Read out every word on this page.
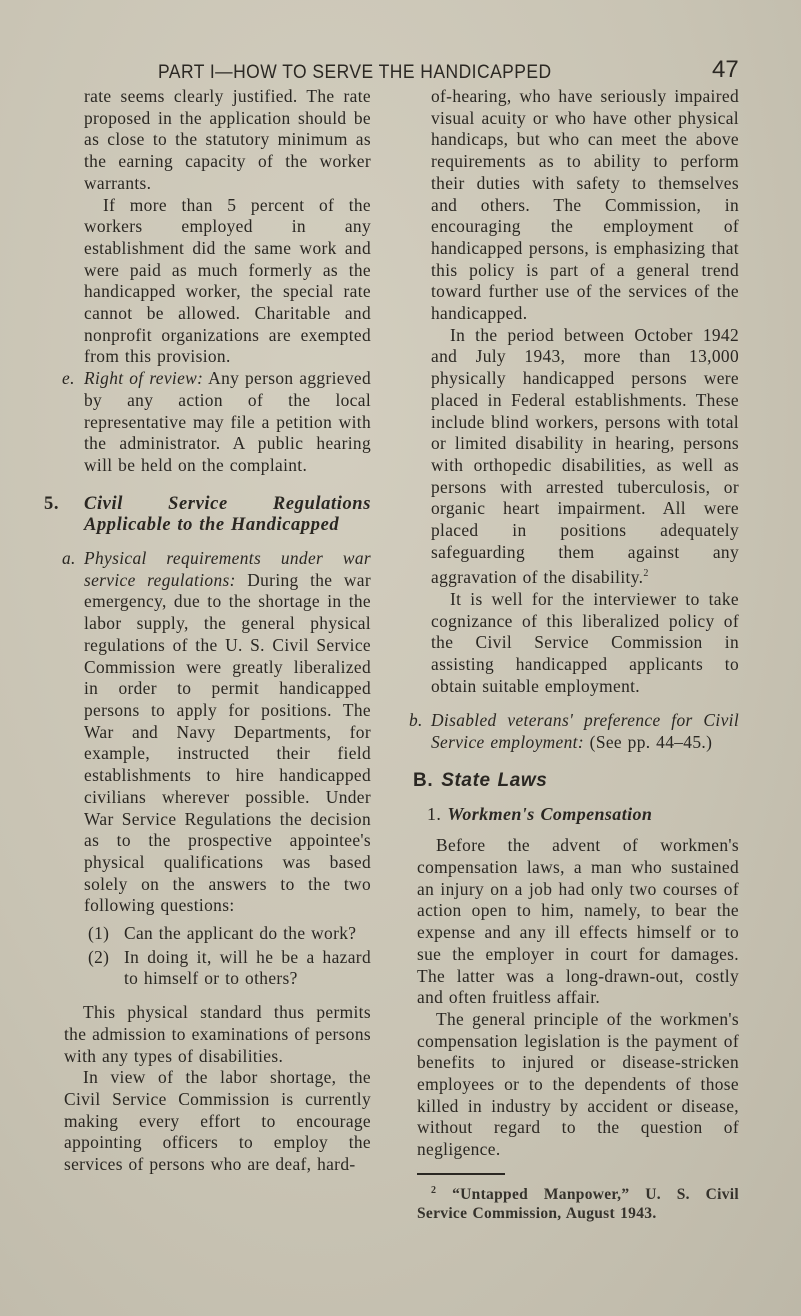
PART I—HOW TO SERVE THE HANDICAPPED	47

rate seems clearly justified. The rate proposed in the application should be as close to the statutory minimum as the earning capacity of the worker warrants.

If more than 5 percent of the workers employed in any establishment did the same work and were paid as much formerly as the handicapped worker, the special rate cannot be allowed. Charitable and nonprofit organizations are exempted from this provision.

e. Right of review: Any person aggrieved by any action of the local representative may file a petition with the administrator. A public hearing will be held on the complaint.

5. Civil Service Regulations Applicable to the Handicapped

a. Physical requirements under war service regulations: During the war emergency, due to the shortage in the labor supply, the general physical regulations of the U. S. Civil Service Commission were greatly liberalized in order to permit handicapped persons to apply for positions. The War and Navy Departments, for example, instructed their field establishments to hire handicapped civilians wherever possible. Under War Service Regulations the decision as to the prospective appointee's physical qualifications was based solely on the answers to the two following questions:

(1) Can the applicant do the work?

(2) In doing it, will he be a hazard to himself or to others?

This physical standard thus permits the admission to examinations of persons with any types of disabilities.

In view of the labor shortage, the Civil Service Commission is currently making every effort to encourage appointing officers to employ the services of persons who are deaf, hard-

of-hearing, who have seriously impaired visual acuity or who have other physical handicaps, but who can meet the above requirements as to ability to perform their duties with safety to themselves and others. The Commission, in encouraging the employment of handicapped persons, is emphasizing that this policy is part of a general trend toward further use of the services of the handicapped.

In the period between October 1942 and July 1943, more than 13,000 physically handicapped persons were placed in Federal establishments. These include blind workers, persons with total or limited disability in hearing, persons with orthopedic disabilities, as well as persons with arrested tuberculosis, or organic heart impairment. All were placed in positions adequately safeguarding them against any aggravation of the disability.$^2$

It is well for the interviewer to take cognizance of this liberalized policy of the Civil Service Commission in assisting handicapped applicants to obtain suitable employment.

b. Disabled veterans' preference for Civil Service employment: (See pp. 44–45.)

B. State Laws

1. Workmen's Compensation

Before the advent of workmen's compensation laws, a man who sustained an injury on a job had only two courses of action open to him, namely, to bear the expense and any ill effects himself or to sue the employer in court for damages. The latter was a long-drawn-out, costly and often fruitless affair.

The general principle of the workmen's compensation legislation is the payment of benefits to injured or disease-stricken employees or to the dependents of those killed in industry by accident or disease, without regard to the question of negligence.

$^2$ “Untapped Manpower,” U. S. Civil Service Commission, August 1943.
